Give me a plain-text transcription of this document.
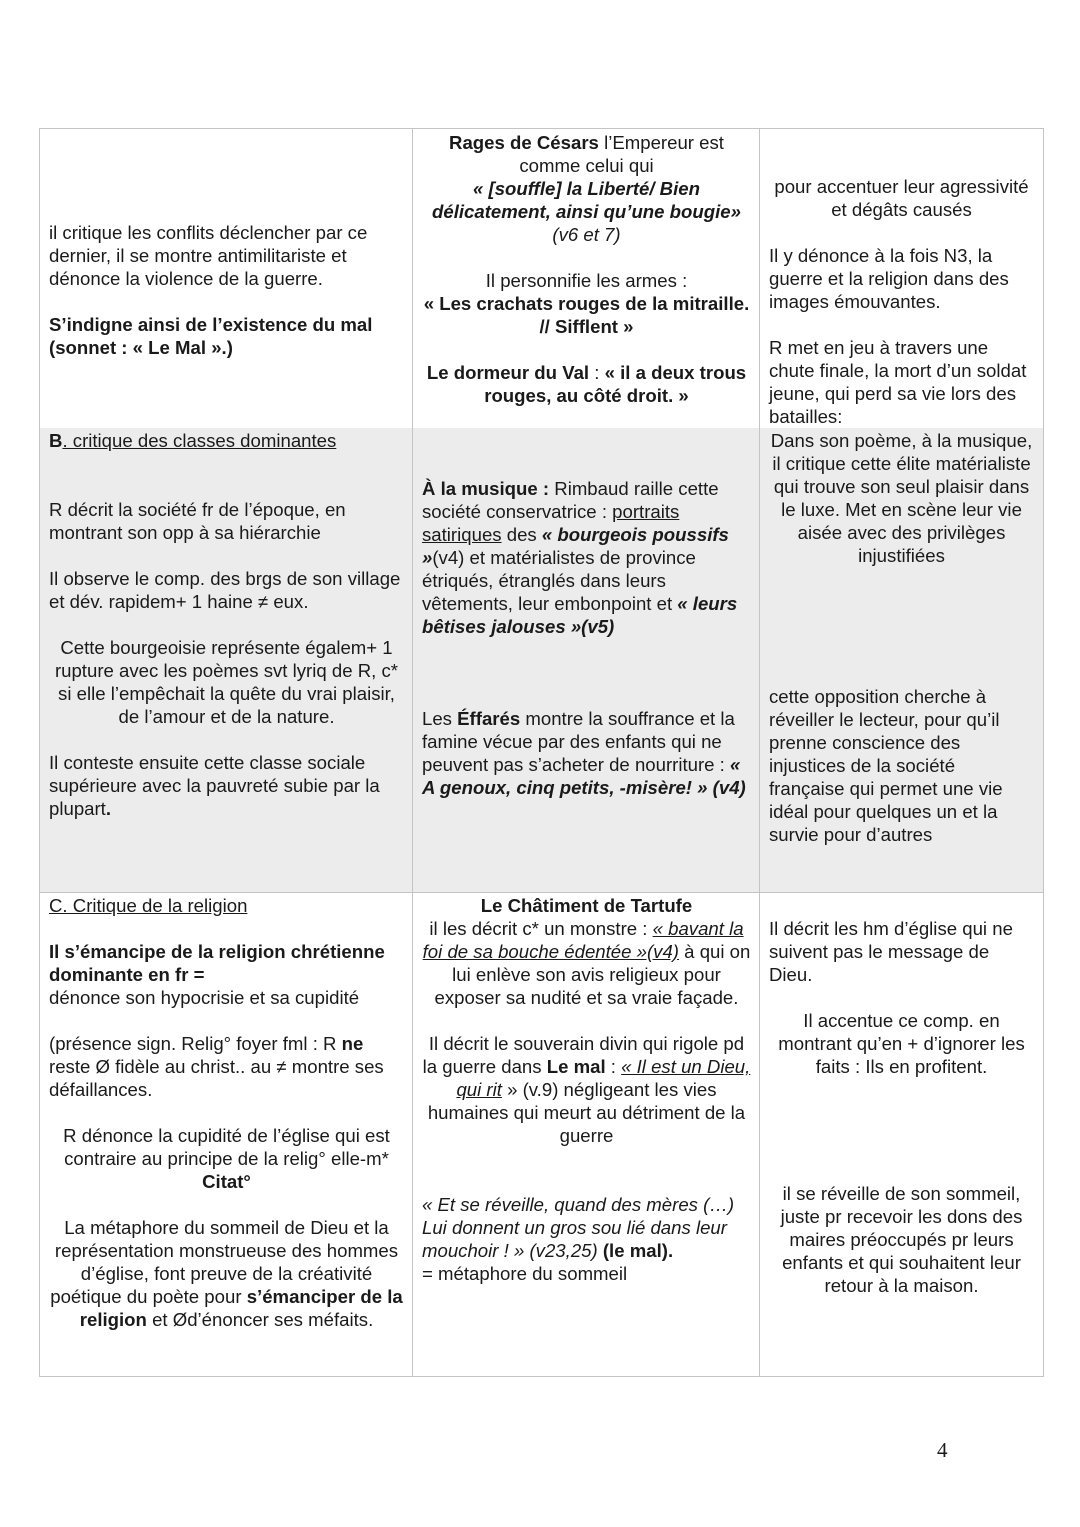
il critique les conflits déclencher par ce dernier, il se montre antimilitariste et dénonce la violence de la guerre.

S’indigne ainsi de l’existence du mal (sonnet : « Le Mal ».)

Rages de Césars l’Empereur est comme celui qui
« [souffle] la Liberté/ Bien délicatement, ainsi qu’une bougie» (v6 et 7)

Il personnifie les armes :
« Les crachats rouges de la mitraille. // Sifflent »

Le dormeur du Val : « il a deux trous rouges, au côté droit. »

pour accentuer leur agressivité et dégâts causés

Il y dénonce à la fois N3, la guerre et la religion dans des images émouvantes.

R met en jeu à travers une chute finale, la mort d’un soldat jeune, qui perd sa vie lors des batailles:

B. critique des classes dominantes

R décrit la société fr de l’époque, en montrant son opp à sa hiérarchie

Il observe le comp. des brgs de son village et dév. rapidem+ 1 haine ≠ eux.

Cette bourgeoisie représente égalem+ 1 rupture avec les poèmes svt lyriq de R, c* si elle l’empêchait la quête du vrai plaisir, de l’amour et de la nature.

Il conteste ensuite cette classe sociale supérieure avec la pauvreté subie par la plupart.

À la musique : Rimbaud raille cette société conservatrice : portraits satiriques des « bourgeois poussifs »(v4) et matérialistes de province étriqués, étranglés dans leurs vêtements, leur embonpoint et « leurs bêtises jalouses »(v5)

Les Éffarés montre la souffrance et la famine vécue par des enfants qui ne peuvent pas s’acheter de nourriture : « A genoux, cinq petits, -misère! » (v4)

Dans son poème, à la musique, il critique cette élite matérialiste qui trouve son seul plaisir dans le luxe. Met en scène leur vie aisée avec des privilèges injustifiées

cette opposition cherche à réveiller le lecteur, pour qu’il prenne conscience des injustices de la société française qui permet une vie idéal pour quelques un et la survie pour d’autres

C. Critique de la religion

Il s’émancipe de la religion chrétienne dominante en fr =
dénonce son hypocrisie et sa cupidité

(présence sign. Relig° foyer fml : R ne reste Ø fidèle au christ.. au ≠ montre ses défaillances.

R dénonce la cupidité de l’église qui est contraire au principe de la relig° elle-m*
Citat°

La métaphore du sommeil de Dieu et la représentation monstrueuse des hommes d’église, font preuve de la créativité poétique du poète pour s’émanciper de la religion et Ød’énoncer ses méfaits.

Le Châtiment de Tartufe
il les décrit c* un monstre : « bavant la foi de sa bouche édentée »(v4) à qui on lui enlève son avis religieux pour exposer sa nudité et sa vraie façade.

Il décrit le souverain divin qui rigole pd la guerre dans Le mal : « Il est un Dieu, qui rit » (v.9) négligeant les vies humaines qui meurt au détriment de la guerre

« Et se réveille, quand des mères (…) Lui donnent un gros sou lié dans leur mouchoir ! » (v23,25) (le mal).
= métaphore du sommeil

Il décrit les hm d’église qui ne suivent pas le message de Dieu.

Il accentue ce comp. en montrant qu’en + d’ignorer les faits : Ils en profitent.

il se réveille de son sommeil, juste pr recevoir les dons des maires préoccupés pr leurs enfants et qui souhaitent leur retour à la maison.

4
